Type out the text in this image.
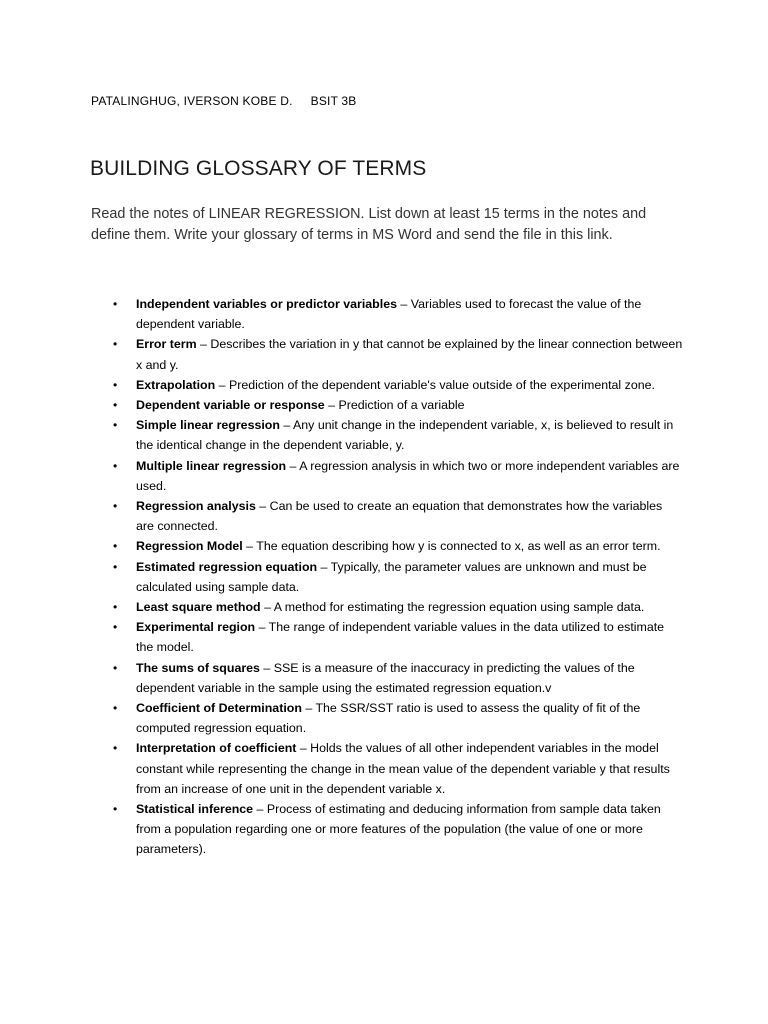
PATALINGHUG, IVERSON KOBE D. BSIT 3B
BUILDING GLOSSARY OF TERMS
Read the notes of LINEAR REGRESSION. List down at least 15 terms in the notes and define them. Write your glossary of terms in MS Word and send the file in this link.
• Independent variables or predictor variables – Variables used to forecast the value of the dependent variable.
• Error term – Describes the variation in y that cannot be explained by the linear connection between x and y.
• Extrapolation – Prediction of the dependent variable's value outside of the experimental zone.
• Dependent variable or response – Prediction of a variable
• Simple linear regression – Any unit change in the independent variable, x, is believed to result in the identical change in the dependent variable, y.
• Multiple linear regression – A regression analysis in which two or more independent variables are used.
• Regression analysis – Can be used to create an equation that demonstrates how the variables are connected.
• Regression Model – The equation describing how y is connected to x, as well as an error term.
• Estimated regression equation – Typically, the parameter values are unknown and must be calculated using sample data.
• Least square method – A method for estimating the regression equation using sample data.
• Experimental region – The range of independent variable values in the data utilized to estimate the model.
• The sums of squares – SSE is a measure of the inaccuracy in predicting the values of the dependent variable in the sample using the estimated regression equation.v
• Coefficient of Determination – The SSR/SST ratio is used to assess the quality of fit of the computed regression equation.
• Interpretation of coefficient – Holds the values of all other independent variables in the model constant while representing the change in the mean value of the dependent variable y that results from an increase of one unit in the dependent variable x.
• Statistical inference – Process of estimating and deducing information from sample data taken from a population regarding one or more features of the population (the value of one or more parameters).
